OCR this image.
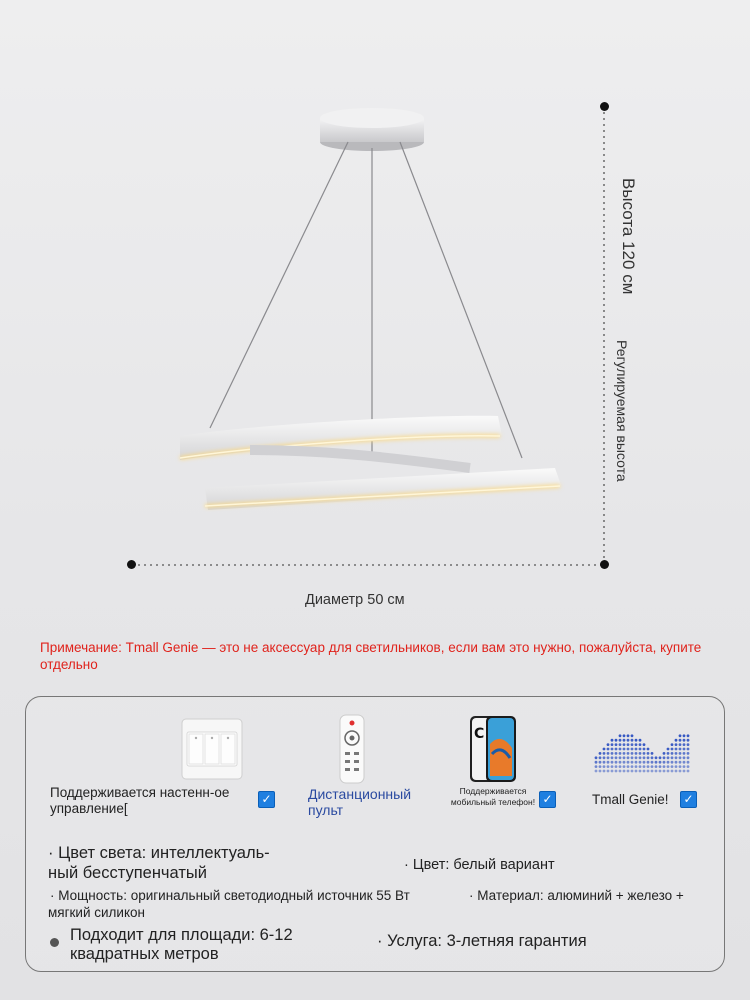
Высота 120 см
Регулируемая высота
Диаметр 50 см
Примечание: Tmall Genie — это не аксессуар для светильников, если вам это нужно, пожалуйста, купите отдельно
Поддерживается настенн-ое управление[
✓	Дистанционный пульт
C
Поддерживается мобильный телефон! ✓	Tmall Genie! ✓
· Цвет света: интеллектуаль-
ный бесступенчатый	· Цвет: белый вариант
· Мощность: оригинальный светодиодный источник 55 Вт	· Материал: алюминий + железо +
мягкий силикон
Подходит для площади: 6-12
квадратных метров
· Услуга: 3-летняя гарантия
